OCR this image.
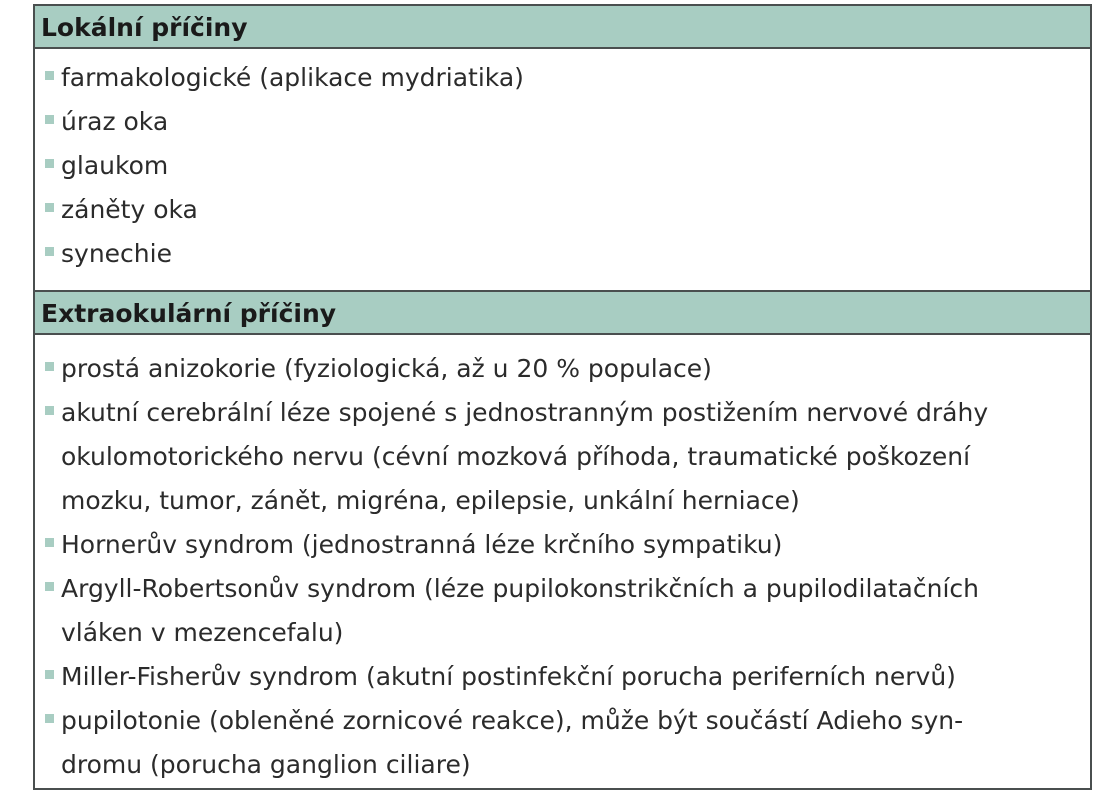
Lokální příčiny
farmakologické (aplikace mydriatika)
úraz oka
glaukom
záněty oka
synechie
Extraokulární příčiny
prostá anizokorie (fyziologická, až u 20 % populace)
akutní cerebrální léze spojené s jednostranným postižením nervové dráhy
okulomotorického nervu (cévní mozková příhoda, traumatické poškození
mozku, tumor, zánět, migréna, epilepsie, unkální herniace)
Hornerův syndrom (jednostranná léze krčního sympatiku)
Argyll-Robertsonův syndrom (léze pupilokonstrikčních a pupilodilatačních
vláken v mezencefalu)
Miller-Fisherův syndrom (akutní postinfekční porucha periferních nervů)
pupilotonie (obleněné zornicové reakce), může být součástí Adieho syn-
dromu (porucha ganglion ciliare)
